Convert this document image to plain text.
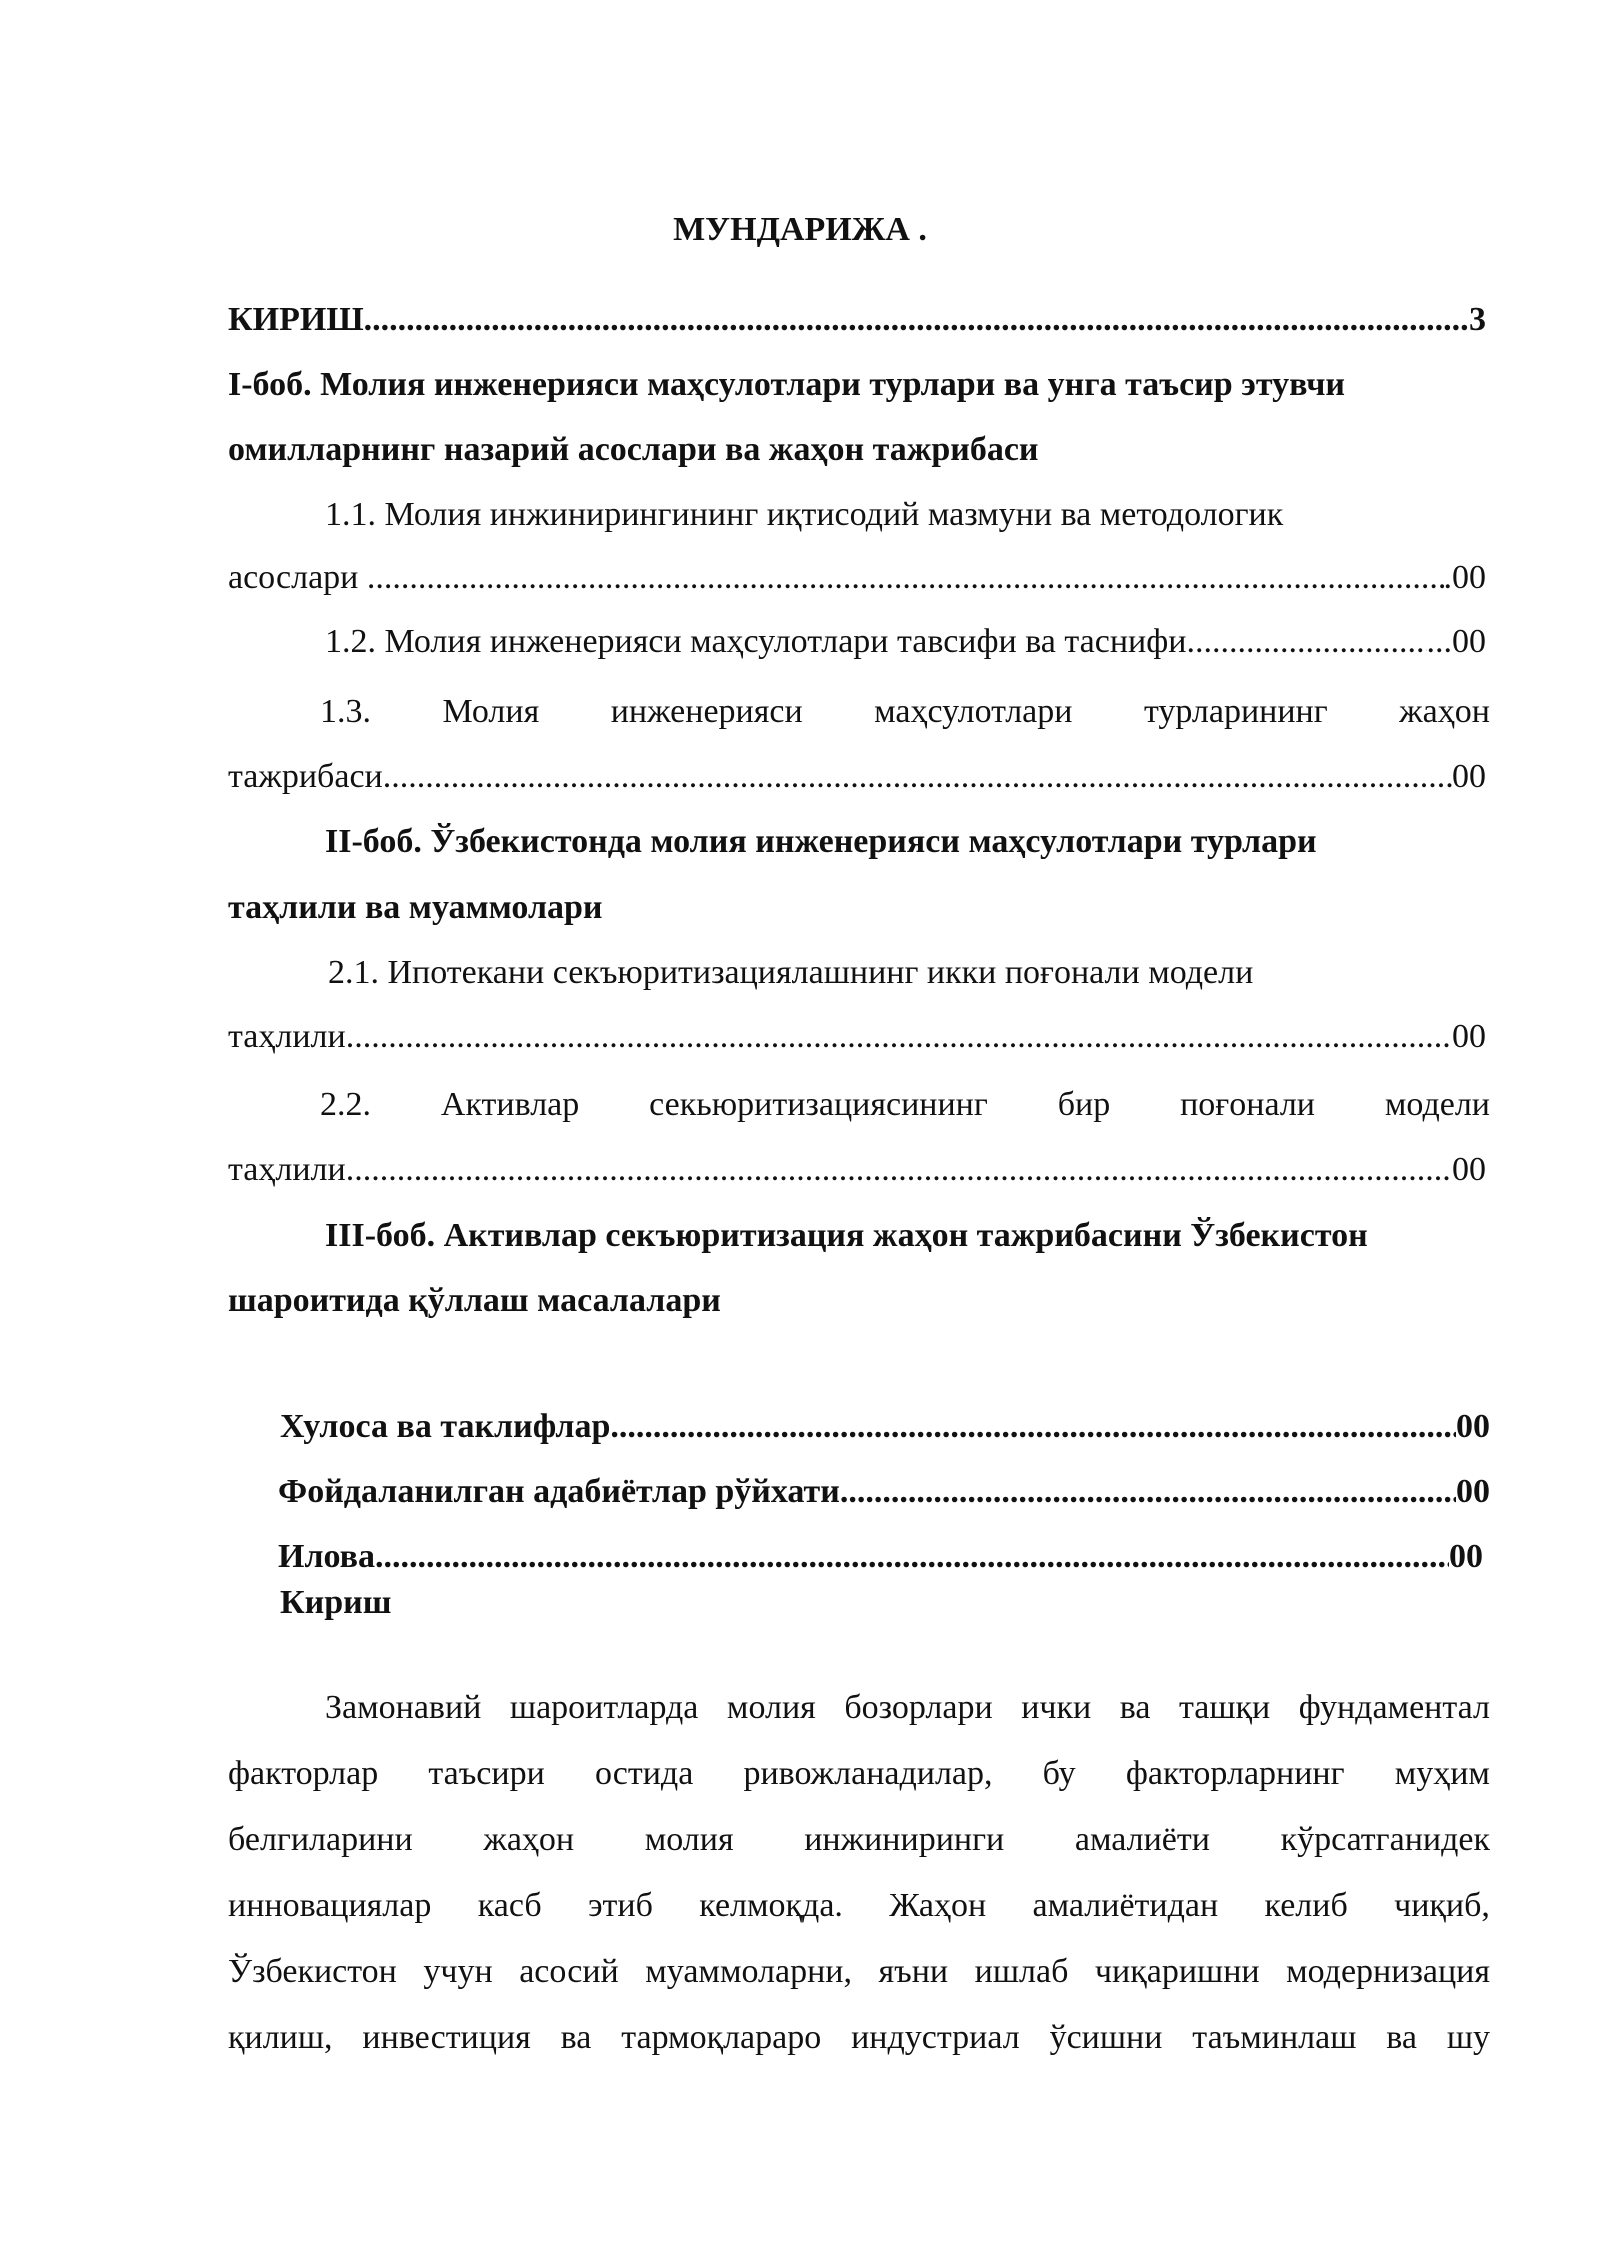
МУНДАРИЖА .
КИРИШ .....	3
I-боб. Молия инженерияси маҳсулотлари турлари ва унга таъсир этувчи
омилларнинг назарий асослари ва жаҳон тажрибаси
1.1. Молия инжинирингининг иқтисодий мазмуни ва методологик
асослари .... .....	.00
1.2. Молия инженерияси маҳсулотлари тавсифи ва таснифи .....	...00
1.3. Молия инженерияси маҳсулотлари турларининг жаҳон
тажрибаси .....	00
II-боб. Ўзбекистонда молия инженерияси маҳсулотлари турлари
таҳлили ва муаммолари
2.1. Ипотекани секъюритизациялашнинг икки поғонали модели
таҳлили .....	00
2.2. Активлар секьюритизациясининг бир поғонали модели
таҳлили .....	00
III-боб. Активлар секъюритизация жаҳон тажрибасини Ўзбекистон
шароитида қўллаш масалалари
Хулоса ва таклифлар .....	00
Фойдаланилган адабиётлар рўйхати .....	00
Илова .....	00
Кириш
Замонавий шароитларда молия бозорлари ички ва ташқи фундаментал
факторлар таъсири остида ривожланадилар, бу факторларнинг муҳим
белгиларини жаҳон молия инжиниринги амалиёти кўрсатганидек
инновациялар касб этиб келмоқда. Жаҳон амалиётидан келиб чиқиб,
Ўзбекистон учун асосий муаммоларни, яъни ишлаб чиқаришни модернизация
қилиш, инвестиция ва тармоқлараро индустриал ўсишни таъминлаш ва шу
